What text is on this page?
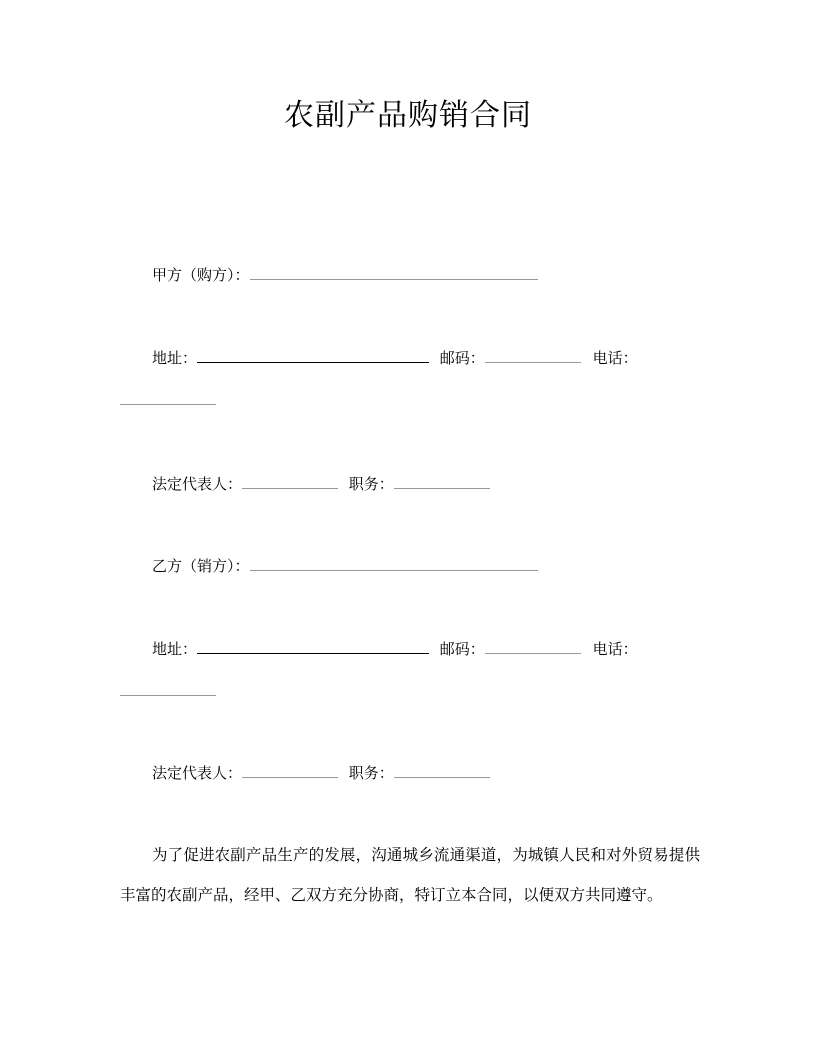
农副产品购销合同
甲方（购方）：
地址：	邮码：	电话：
法定代表人：	职务：
乙方（销方）：
地址：	邮码：	电话：
法定代表人：	职务：
为了促进农副产品生产的发展，沟通城乡流通渠道，为城镇人民和对外贸易提供丰富的农副产品，经甲、乙双方充分协商，特订立本合同，以便双方共同遵守。
